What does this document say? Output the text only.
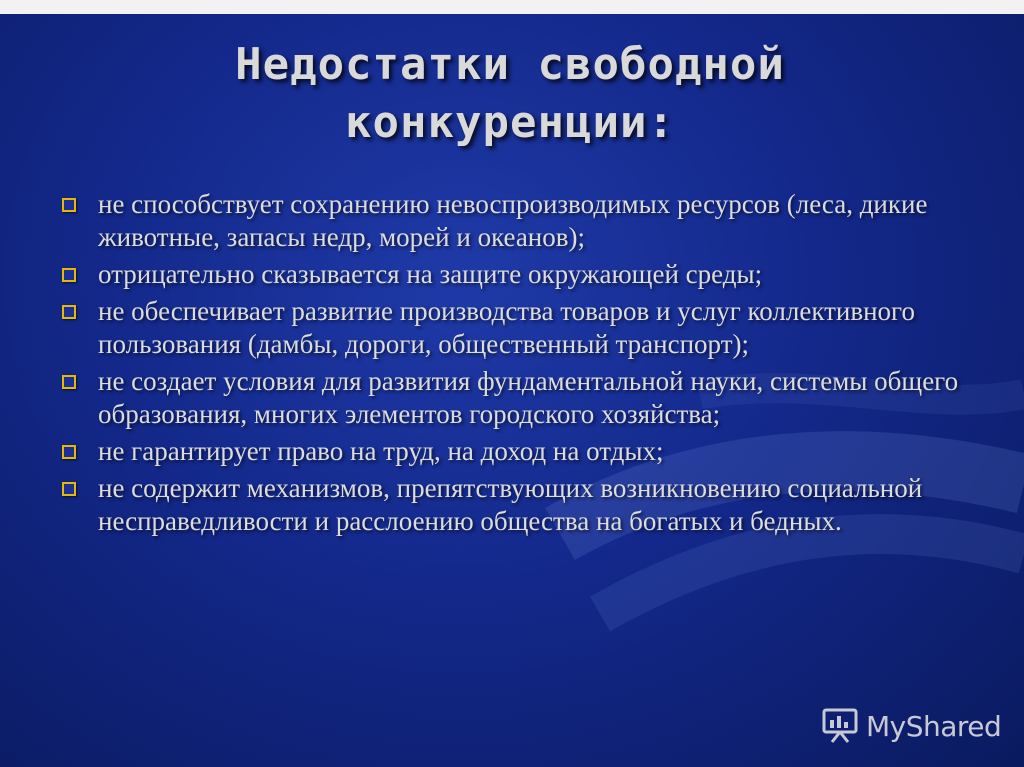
Недостатки свободной конкуренции:
не способствует сохранению невоспроизводимых ресурсов (леса, дикие животные, запасы недр, морей и океанов);
отрицательно сказывается на защите окружающей среды;
не обеспечивает развитие производства товаров и услуг коллективного пользования (дамбы, дороги, общественный транспорт);
не создает условия для развития фундаментальной науки, системы общего образования, многих элементов городского хозяйства;
не гарантирует право на труд, на доход на отдых;
не содержит механизмов, препятствующих возникновению социальной несправедливости и расслоению общества на богатых и бедных.
MyShared
